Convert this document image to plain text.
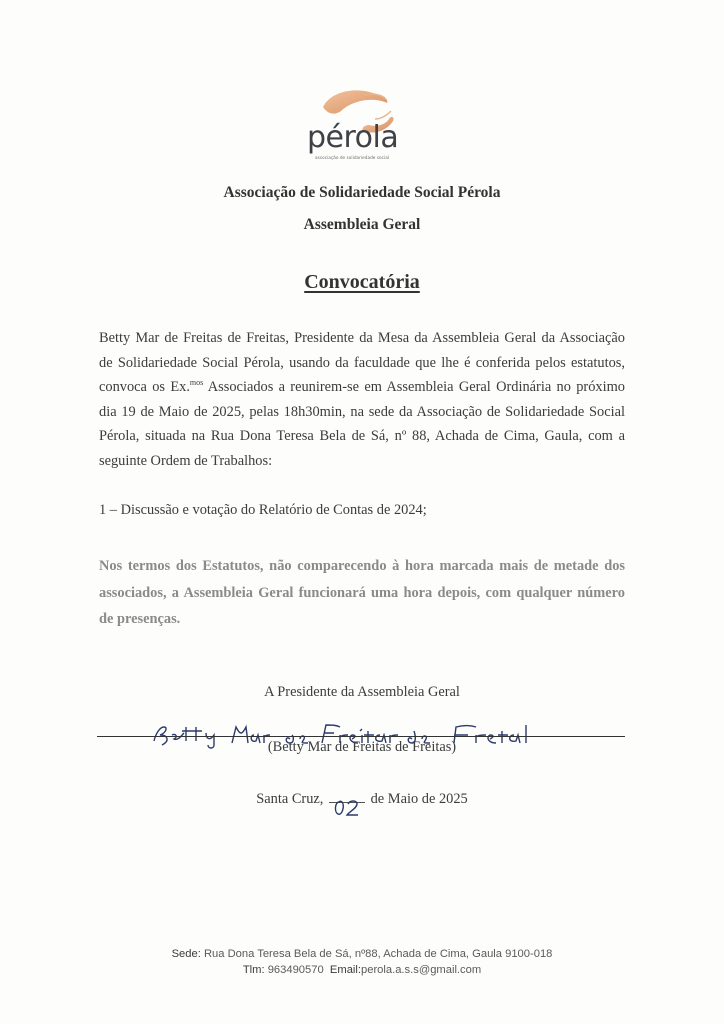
pérola
associação de solidariedade social
Associação de Solidariedade Social Pérola
Assembleia Geral
Convocatória
Betty Mar de Freitas de Freitas, Presidente da Mesa da Assembleia Geral da Associação
de Solidariedade Social Pérola, usando da faculdade que lhe é conferida pelos estatutos,
convoca os Ex.$^{mos}$ Associados a reunirem-se em Assembleia Geral Ordinária no próximo
dia 19 de Maio de 2025, pelas 18h30min, na sede da Associação de Solidariedade Social
Pérola, situada na Rua Dona Teresa Bela de Sá, nº 88, Achada de Cima, Gaula, com a
seguinte Ordem de Trabalhos:
1 – Discussão e votação do Relatório de Contas de 2024;
Nos termos dos Estatutos, não comparecendo à hora marcada mais de metade dos
associados, a Assembleia Geral funcionará uma hora depois, com qualquer número
de presenças.
A Presidente da Assembleia Geral
(Betty Mar de Freitas de Freitas)
Santa Cruz,	de Maio de 2025
Sede: Rua Dona Teresa Bela de Sá, nº88, Achada de Cima, Gaula 9100-018
Tlm: 963490570 Email:perola.a.s.s@gmail.com
